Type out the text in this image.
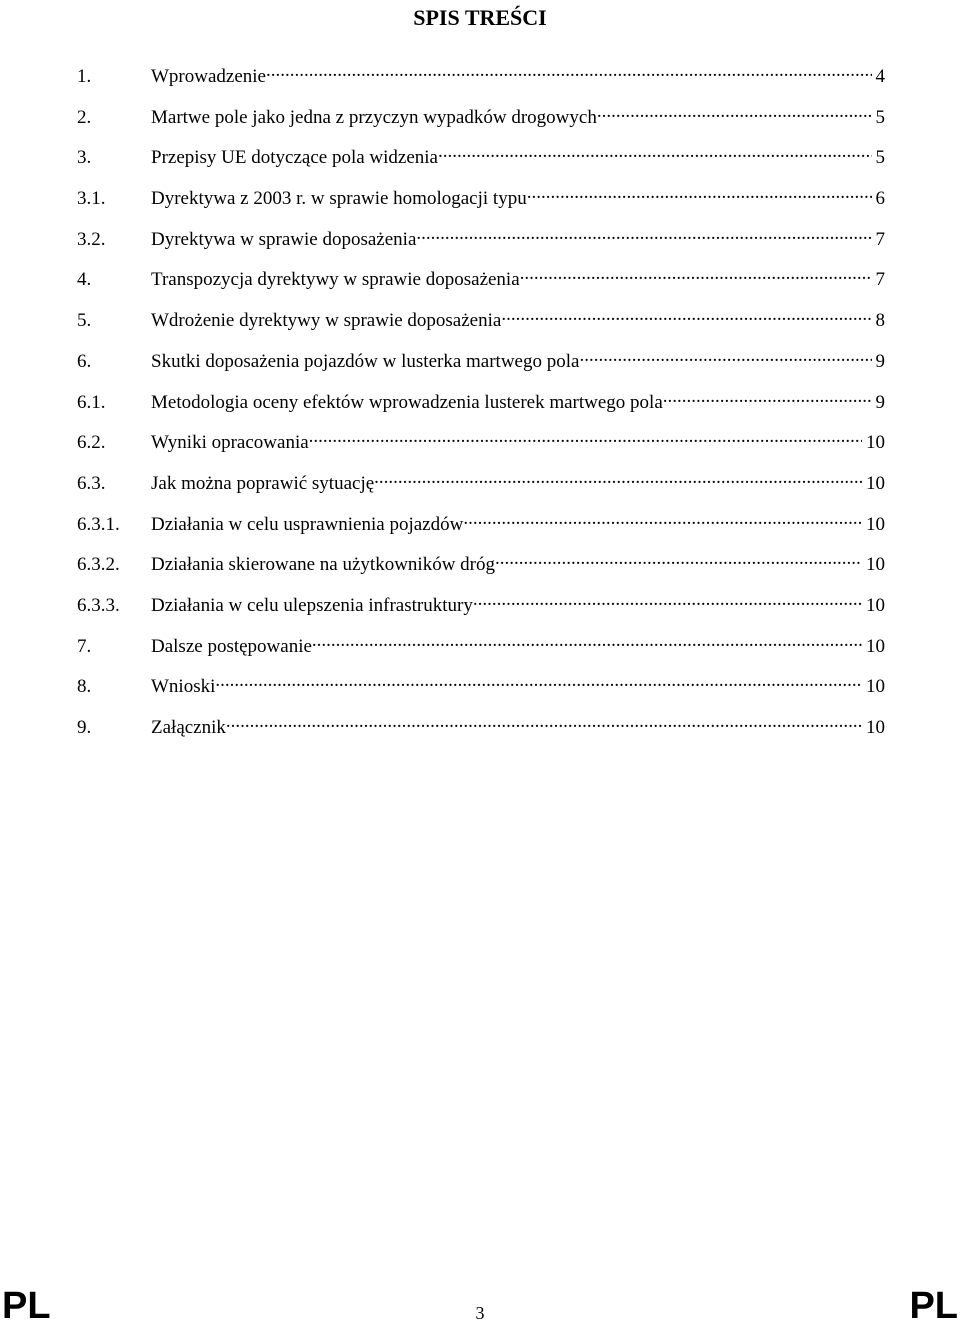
SPIS TREŚCI
1.	Wprowadzenie .....	4
2.	Martwe pole jako jedna z przyczyn wypadków drogowych .....	5
3.	Przepisy UE dotyczące pola widzenia .....	5
3.1.	Dyrektywa z 2003 r. w sprawie homologacji typu .....	6
3.2.	Dyrektywa w sprawie doposażenia .....	7
4.	Transpozycja dyrektywy w sprawie doposażenia .....	7
5.	Wdrożenie dyrektywy w sprawie doposażenia .....	8
6.	Skutki doposażenia pojazdów w lusterka martwego pola .....	9
6.1.	Metodologia oceny efektów wprowadzenia lusterek martwego pola .....	9
6.2.	Wyniki opracowania .....	10
6.3.	Jak można poprawić sytuację .....	10
6.3.1.	Działania w celu usprawnienia pojazdów .....	10
6.3.2.	Działania skierowane na użytkowników dróg .....	10
6.3.3.	Działania w celu ulepszenia infrastruktury .....	10
7.	Dalsze postępowanie .....	10
8.	Wnioski .....	10
9.	Załącznik .....	10
PL	3	PL
